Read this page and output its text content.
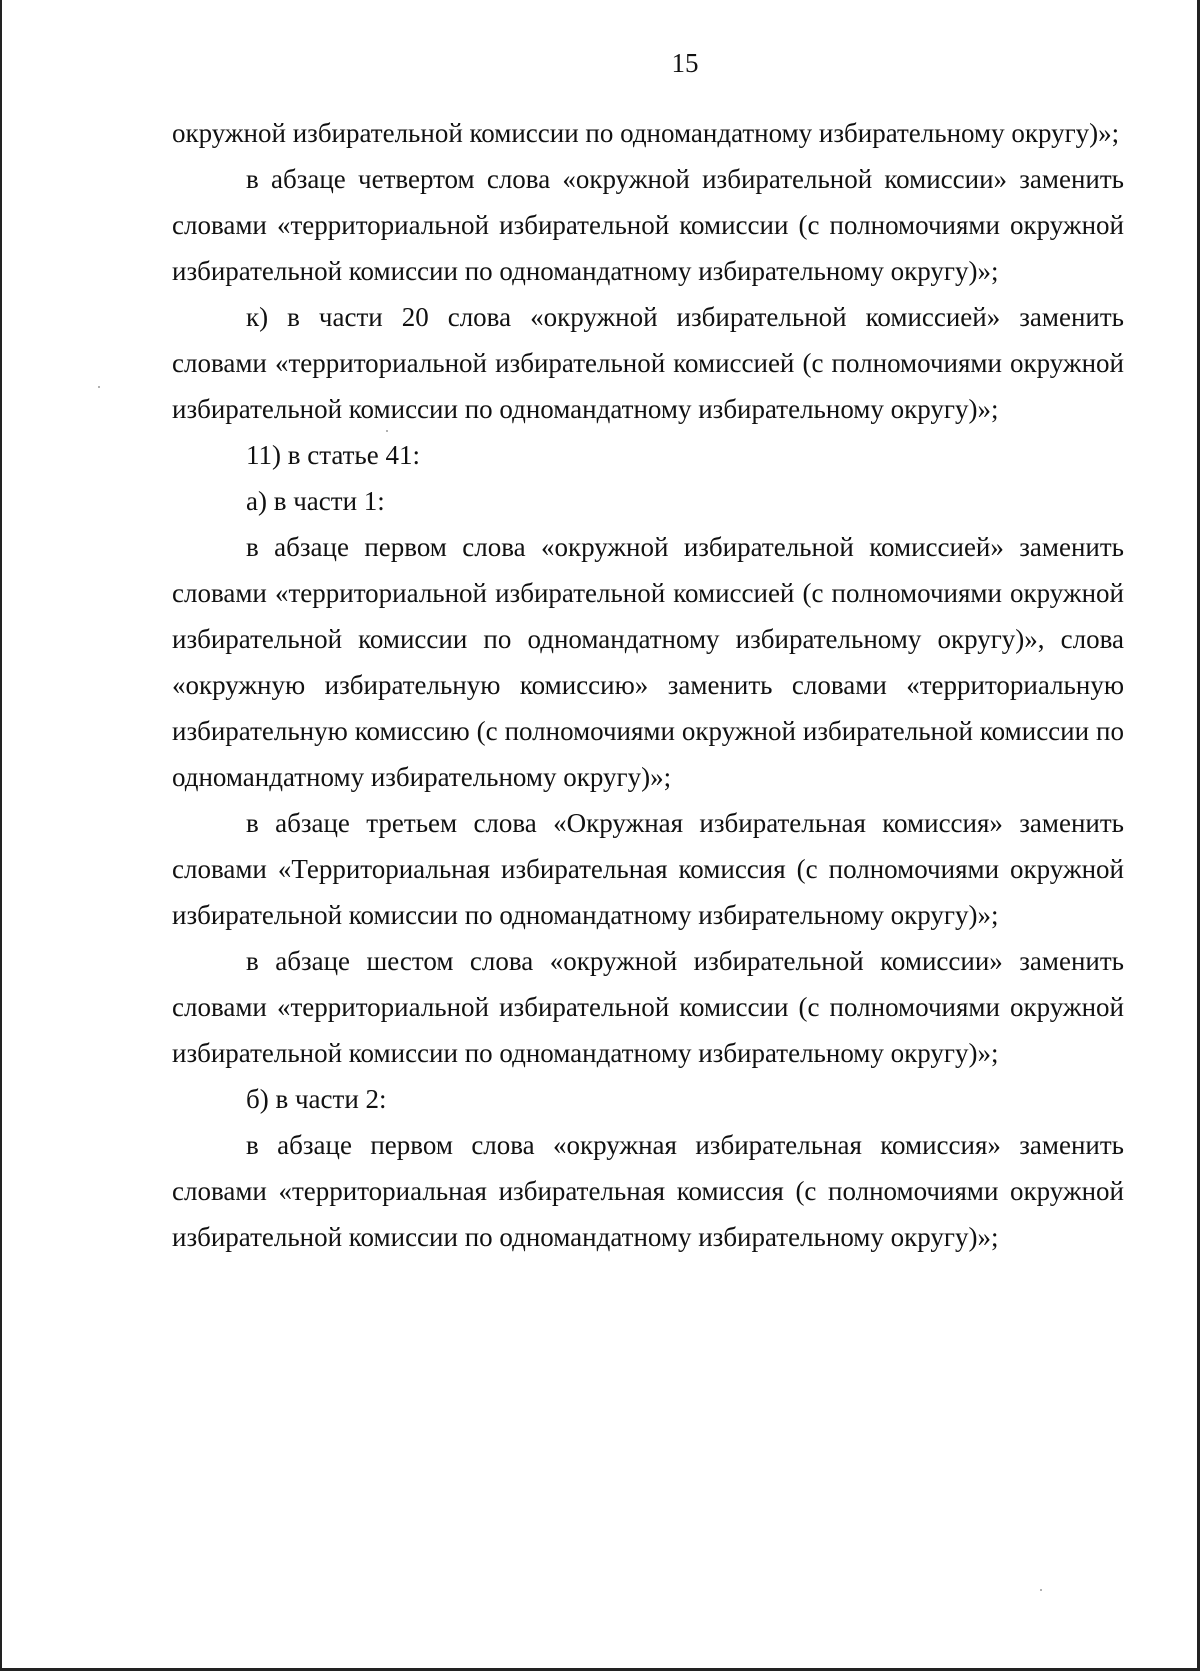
15

окружной избирательной комиссии по одномандатному избирательному округу)»;

в абзаце четвертом слова «окружной избирательной комиссии» заменить словами «территориальной избирательной комиссии (с полномочиями окружной избирательной комиссии по одномандатному избирательному округу)»;

к) в части 20 слова «окружной избирательной комиссией» заменить словами «территориальной избирательной комиссией (с полномочиями окружной избирательной комиссии по одномандатному избирательному округу)»;

11) в статье 41:

а) в части 1:

в абзаце первом слова «окружной избирательной комиссией» заменить словами «территориальной избирательной комиссией (с полномочиями окружной избирательной комиссии по одномандатному избирательному округу)», слова «окружную избирательную комиссию» заменить словами «территориальную избирательную комиссию (с полномочиями окружной избирательной комиссии по одномандатному избирательному округу)»;

в абзаце третьем слова «Окружная избирательная комиссия» заменить словами «Территориальная избирательная комиссия (с полномочиями окружной избирательной комиссии по одномандатному избирательному округу)»;

в абзаце шестом слова «окружной избирательной комиссии» заменить словами «территориальной избирательной комиссии (с полномочиями окружной избирательной комиссии по одномандатному избирательному округу)»;

б) в части 2:

в абзаце первом слова «окружная избирательная комиссия» заменить словами «территориальная избирательная комиссия (с полномочиями окружной избирательной комиссии по одномандатному избирательному округу)»;
